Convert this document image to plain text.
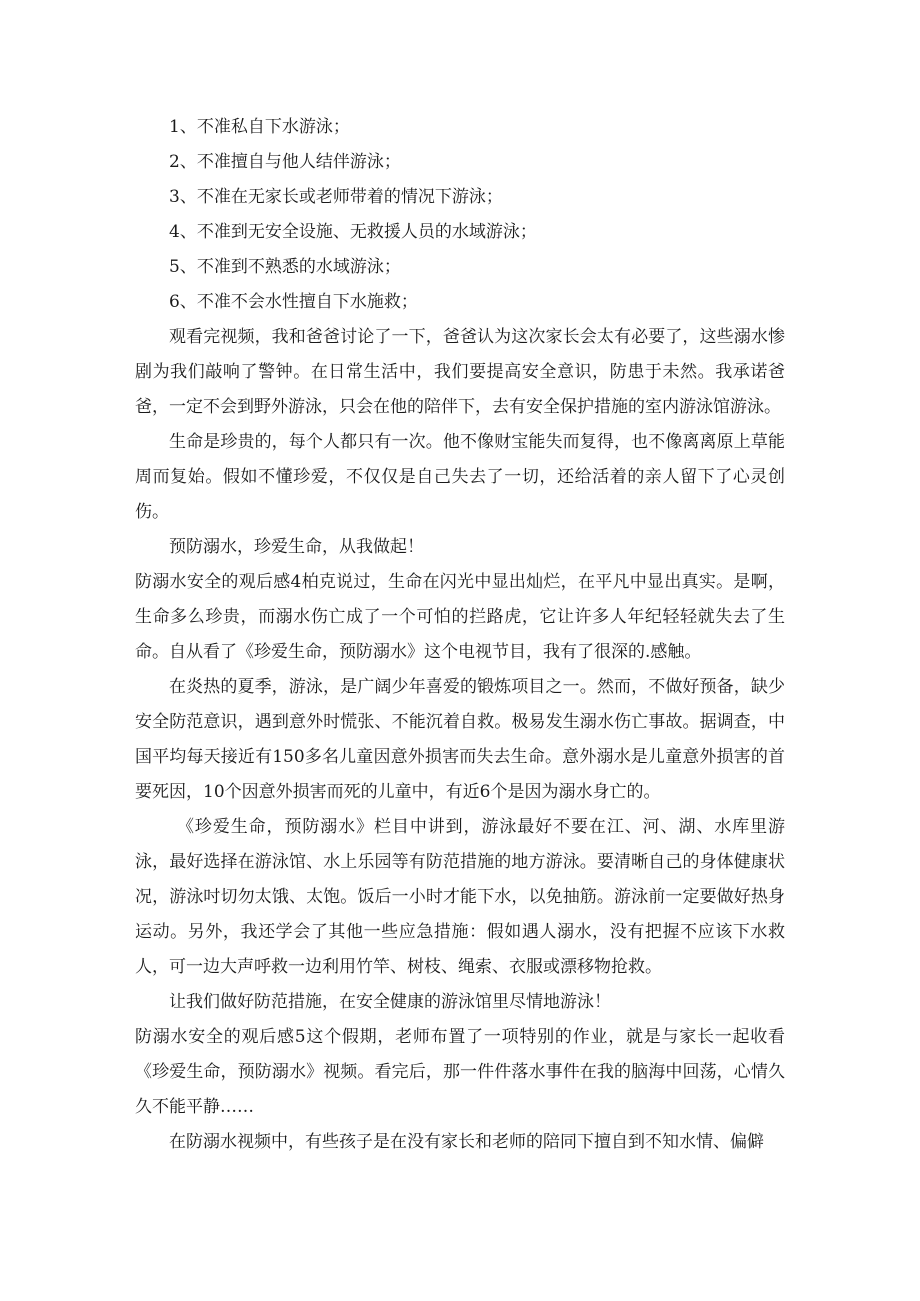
1、不准私自下水游泳；

2、不准擅自与他人结伴游泳；

3、不准在无家长或老师带着的情况下游泳；

4、不准到无安全设施、无救援人员的水域游泳；

5、不准到不熟悉的水域游泳；

6、不准不会水性擅自下水施救；

观看完视频，我和爸爸讨论了一下，爸爸认为这次家长会太有必要了，这些溺水惨剧为我们敲响了警钟。在日常生活中，我们要提高安全意识，防患于未然。我承诺爸爸，一定不会到野外游泳，只会在他的陪伴下，去有安全保护措施的室内游泳馆游泳。

生命是珍贵的，每个人都只有一次。他不像财宝能失而复得，也不像离离原上草能周而复始。假如不懂珍爱，不仅仅是自己失去了一切，还给活着的亲人留下了心灵创伤。

预防溺水，珍爱生命，从我做起！

防溺水安全的观后感4柏克说过，生命在闪光中显出灿烂，在平凡中显出真实。是啊，生命多么珍贵，而溺水伤亡成了一个可怕的拦路虎，它让许多人年纪轻轻就失去了生命。自从看了《珍爱生命，预防溺水》这个电视节目，我有了很深的.感触。

在炎热的夏季，游泳，是广阔少年喜爱的锻炼项目之一。然而，不做好预备，缺少安全防范意识，遇到意外时慌张、不能沉着自救。极易发生溺水伤亡事故。据调查，中国平均每天接近有150多名儿童因意外损害而失去生命。意外溺水是儿童意外损害的首要死因，10个因意外损害而死的儿童中，有近6个是因为溺水身亡的。

《珍爱生命，预防溺水》栏目中讲到，游泳最好不要在江、河、湖、水库里游泳，最好选择在游泳馆、水上乐园等有防范措施的地方游泳。要清晰自己的身体健康状况，游泳吋切勿太饿、太饱。饭后一小时才能下水，以免抽筋。游泳前一定要做好热身运动。另外，我还学会了其他一些应急措施：假如遇人溺水，没有把握不应该下水救人，可一边大声呼救一边利用竹竿、树枝、绳索、衣服或漂移物抢救。

让我们做好防范措施，在安全健康的游泳馆里尽情地游泳！

防溺水安全的观后感5这个假期，老师布置了一项特别的作业，就是与家长一起收看《珍爱生命，预防溺水》视频。看完后，那一件件落水事件在我的脑海中回荡，心情久久不能平静……

在防溺水视频中，有些孩子是在没有家长和老师的陪同下擅自到不知水情、偏僻
